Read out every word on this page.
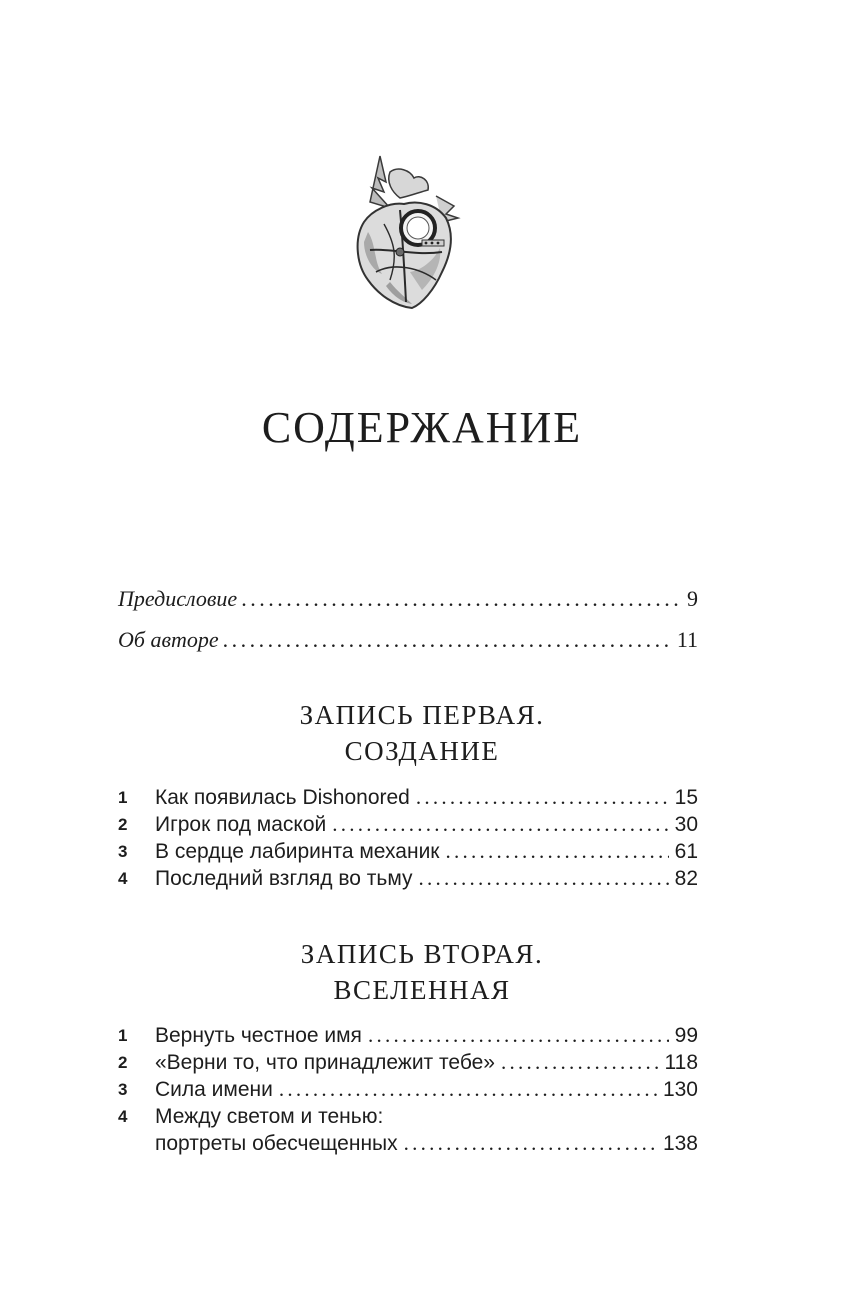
СОДЕРЖАНИЕ
Предисловие . . .	9
Об авторе . . .	11
ЗАПИСЬ ПЕРВАЯ.
СОЗДАНИЕ
1	Как появилась Dishonored . . .	15
2	Игрок под маской . . .	30
3	В сердце лабиринта механик . . .	61
4	Последний взгляд во тьму . . .	82
ЗАПИСЬ ВТОРАЯ.
ВСЕЛЕННАЯ
1	Вернуть честное имя . . .	99
2	«Верни то, что принадлежит тебе» . . .	118
3	Сила имени . . .	130
4	Между светом и тенью:
портреты обесчещенных . . .	138
